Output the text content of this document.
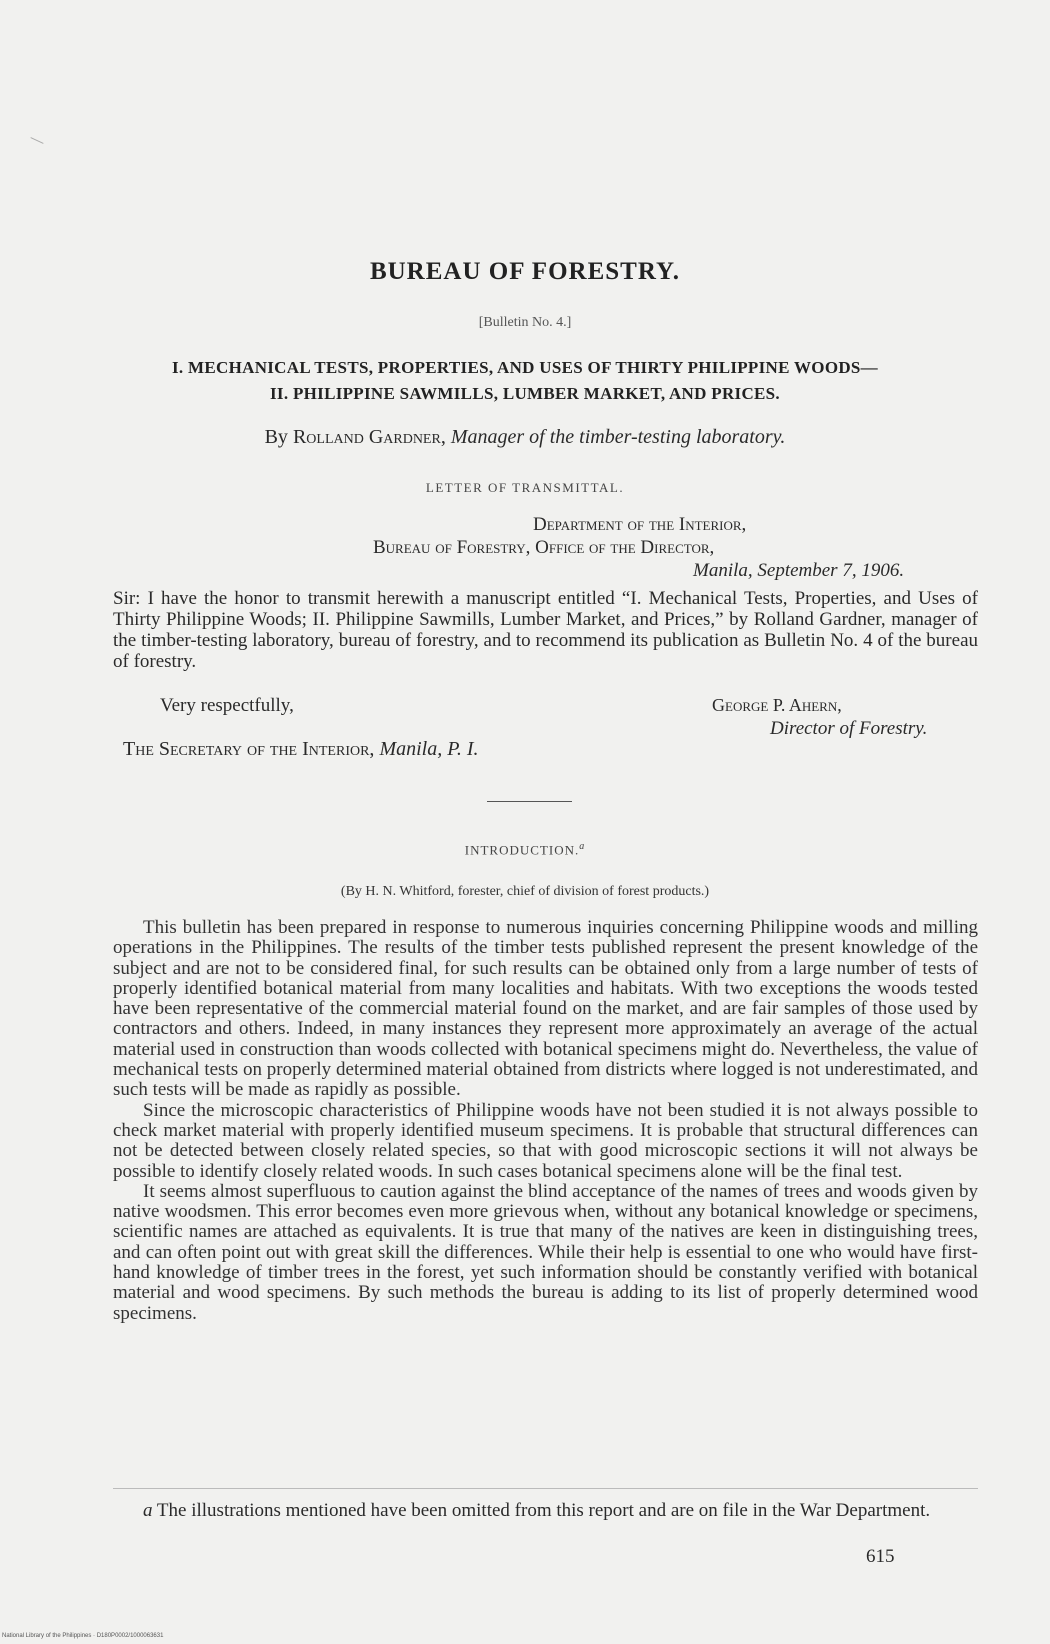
BUREAU OF FORESTRY.
[Bulletin No. 4.]
I. MECHANICAL TESTS, PROPERTIES, AND USES OF THIRTY PHILIPPINE WOODS—
II. PHILIPPINE SAWMILLS, LUMBER MARKET, AND PRICES.
By Rolland Gardner, Manager of the timber-testing laboratory.
LETTER OF TRANSMITTAL.
Department of the Interior,
Bureau of Forestry, Office of the Director,
Manila, September 7, 1906.

Sir: I have the honor to transmit herewith a manuscript entitled “I. Mechanical Tests, Properties, and Uses of Thirty Philippine Woods; II. Philippine Sawmills, Lumber Market, and Prices,” by Rolland Gardner, manager of the timber-testing laboratory, bureau of forestry, and to recommend its publication as Bulletin No. 4 of the bureau of forestry.

Very respectfully,	George P. Ahern,
Director of Forestry.
The Secretary of the Interior, Manila, P. I.
INTRODUCTION.$^a$
(By H. N. Whitford, forester, chief of division of forest products.)

This bulletin has been prepared in response to numerous inquiries concerning Philippine woods and milling operations in the Philippines. The results of the timber tests published represent the present knowledge of the subject and are not to be considered final, for such results can be obtained only from a large number of tests of properly identified botanical material from many localities and habitats. With two exceptions the woods tested have been representative of the commercial material found on the market, and are fair samples of those used by contractors and others. Indeed, in many instances they represent more approximately an average of the actual material used in construction than woods collected with botanical specimens might do. Nevertheless, the value of mechanical tests on properly determined material obtained from districts where logged is not underestimated, and such tests will be made as rapidly as possible.

Since the microscopic characteristics of Philippine woods have not been studied it is not always possible to check market material with properly identified museum specimens. It is probable that structural differences can not be detected between closely related species, so that with good microscopic sections it will not always be possible to identify closely related woods. In such cases botanical specimens alone will be the final test.

It seems almost superfluous to caution against the blind acceptance of the names of trees and woods given by native woodsmen. This error becomes even more grievous when, without any botanical knowledge or specimens, scientific names are attached as equivalents. It is true that many of the natives are keen in distinguishing trees, and can often point out with great skill the differences. While their help is essential to one who would have first-hand knowledge of timber trees in the forest, yet such information should be constantly verified with botanical material and wood specimens. By such methods the bureau is adding to its list of properly determined wood specimens.

a The illustrations mentioned have been omitted from this report and are on file in the War Department.
615
National Library of the Philippines · D180P0002/1000063631
